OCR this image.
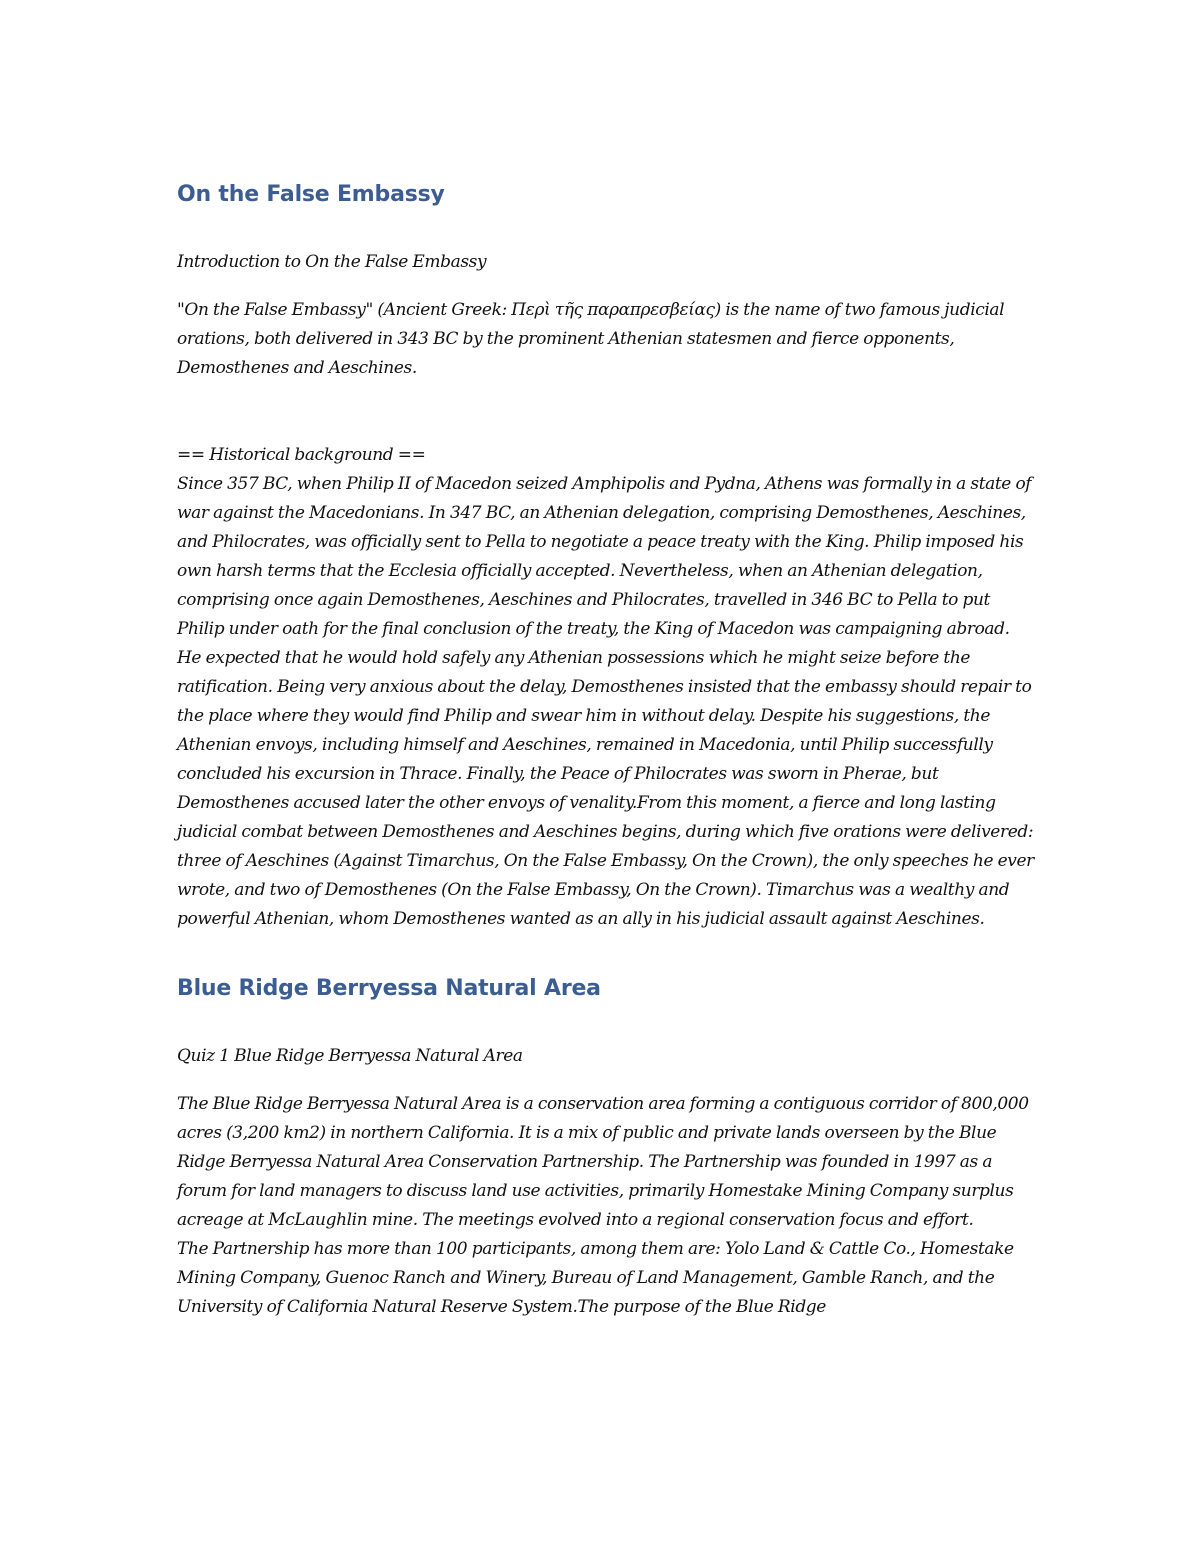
On the False Embassy

Introduction to On the False Embassy

"On the False Embassy" (Ancient Greek: Περὶ τῆς παραπρεσβείας) is the name of two famous judicial orations, both delivered in 343 BC by the prominent Athenian statesmen and fierce opponents, Demosthenes and Aeschines.

== Historical background ==

Since 357 BC, when Philip II of Macedon seized Amphipolis and Pydna, Athens was formally in a state of war against the Macedonians. In 347 BC, an Athenian delegation, comprising Demosthenes, Aeschines, and Philocrates, was officially sent to Pella to negotiate a peace treaty with the King. Philip imposed his own harsh terms that the Ecclesia officially accepted. Nevertheless, when an Athenian delegation, comprising once again Demosthenes, Aeschines and Philocrates, travelled in 346 BC to Pella to put Philip under oath for the final conclusion of the treaty, the King of Macedon was campaigning abroad. He expected that he would hold safely any Athenian possessions which he might seize before the ratification. Being very anxious about the delay, Demosthenes insisted that the embassy should repair to the place where they would find Philip and swear him in without delay. Despite his suggestions, the Athenian envoys, including himself and Aeschines, remained in Macedonia, until Philip successfully concluded his excursion in Thrace. Finally, the Peace of Philocrates was sworn in Pherae, but Demosthenes accused later the other envoys of venality.From this moment, a fierce and long lasting judicial combat between Demosthenes and Aeschines begins, during which five orations were delivered: three of Aeschines (Against Timarchus, On the False Embassy, On the Crown), the only speeches he ever wrote, and two of Demosthenes (On the False Embassy, On the Crown). Timarchus was a wealthy and powerful Athenian, whom Demosthenes wanted as an ally in his judicial assault against Aeschines.

Blue Ridge Berryessa Natural Area

Quiz 1 Blue Ridge Berryessa Natural Area

The Blue Ridge Berryessa Natural Area is a conservation area forming a contiguous corridor of 800,000 acres (3,200 km2) in northern California. It is a mix of public and private lands overseen by the Blue Ridge Berryessa Natural Area Conservation Partnership. The Partnership was founded in 1997 as a forum for land managers to discuss land use activities, primarily Homestake Mining Company surplus acreage at McLaughlin mine. The meetings evolved into a regional conservation focus and effort.

The Partnership has more than 100 participants, among them are: Yolo Land & Cattle Co., Homestake Mining Company, Guenoc Ranch and Winery, Bureau of Land Management, Gamble Ranch, and the University of California Natural Reserve System.The purpose of the Blue Ridge
